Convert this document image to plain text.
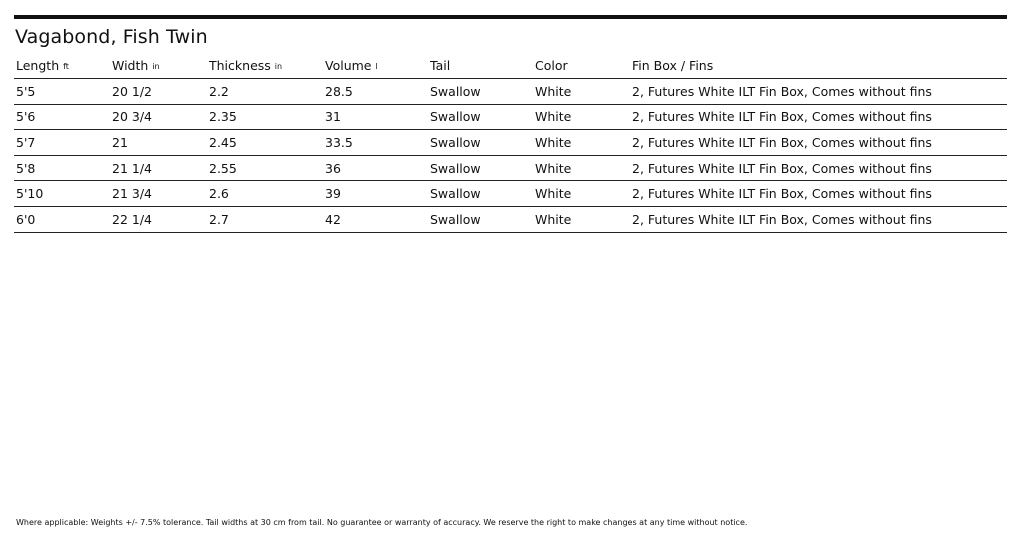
Vagabond, Fish Twin
Length ft	Width in	Thickness in	Volume l	Tail	Color	Fin Box / Fins
5'5	20 1/2	2.2	28.5	Swallow	White	2, Futures White ILT Fin Box, Comes without fins
5'6	20 3/4	2.35	31	Swallow	White	2, Futures White ILT Fin Box, Comes without fins
5'7	21	2.45	33.5	Swallow	White	2, Futures White ILT Fin Box, Comes without fins
5'8	21 1/4	2.55	36	Swallow	White	2, Futures White ILT Fin Box, Comes without fins
5'10	21 3/4	2.6	39	Swallow	White	2, Futures White ILT Fin Box, Comes without fins
6'0	22 1/4	2.7	42	Swallow	White	2, Futures White ILT Fin Box, Comes without fins
Where applicable: Weights +/- 7.5% tolerance. Tail widths at 30 cm from tail. No guarantee or warranty of accuracy. We reserve the right to make changes at any time without notice.
